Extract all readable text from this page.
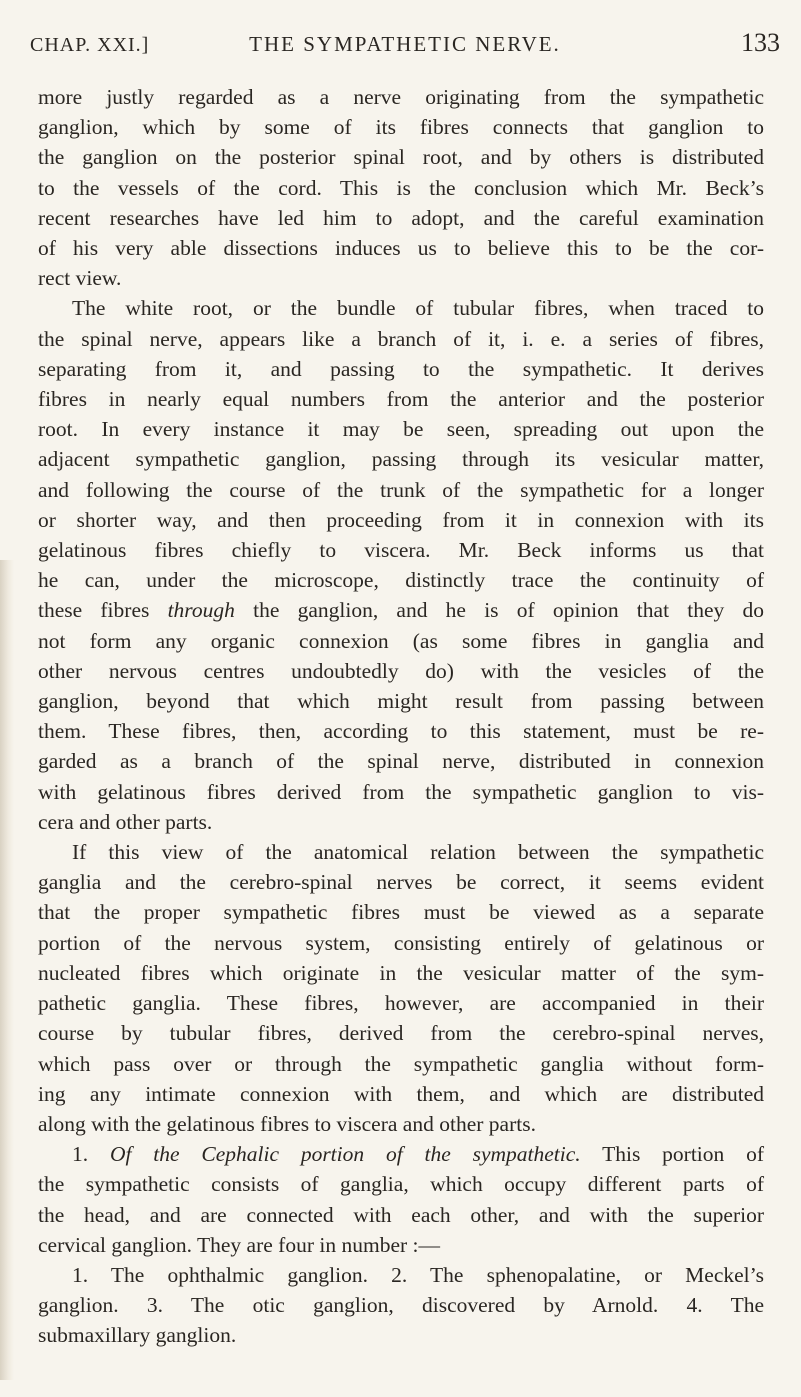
CHAP. XXI.]	THE SYMPATHETIC NERVE.	133

more justly regarded as a nerve originating from the sympathetic
ganglion, which by some of its fibres connects that ganglion to
the ganglion on the posterior spinal root, and by others is distributed
to the vessels of the cord. This is the conclusion which Mr. Beck’s
recent researches have led him to adopt, and the careful examination
of his very able dissections induces us to believe this to be the cor-
rect view.

The white root, or the bundle of tubular fibres, when traced to
the spinal nerve, appears like a branch of it, i. e. a series of fibres,
separating from it, and passing to the sympathetic. It derives
fibres in nearly equal numbers from the anterior and the posterior
root. In every instance it may be seen, spreading out upon the
adjacent sympathetic ganglion, passing through its vesicular matter,
and following the course of the trunk of the sympathetic for a longer
or shorter way, and then proceeding from it in connexion with its
gelatinous fibres chiefly to viscera. Mr. Beck informs us that
he can, under the microscope, distinctly trace the continuity of
these fibres through the ganglion, and he is of opinion that they do
not form any organic connexion (as some fibres in ganglia and
other nervous centres undoubtedly do) with the vesicles of the
ganglion, beyond that which might result from passing between
them. These fibres, then, according to this statement, must be re-
garded as a branch of the spinal nerve, distributed in connexion
with gelatinous fibres derived from the sympathetic ganglion to vis-
cera and other parts.

If this view of the anatomical relation between the sympathetic
ganglia and the cerebro-spinal nerves be correct, it seems evident
that the proper sympathetic fibres must be viewed as a separate
portion of the nervous system, consisting entirely of gelatinous or
nucleated fibres which originate in the vesicular matter of the sym-
pathetic ganglia. These fibres, however, are accompanied in their
course by tubular fibres, derived from the cerebro-spinal nerves,
which pass over or through the sympathetic ganglia without form-
ing any intimate connexion with them, and which are distributed
along with the gelatinous fibres to viscera and other parts.

1. Of the Cephalic portion of the sympathetic. This portion of
the sympathetic consists of ganglia, which occupy different parts of
the head, and are connected with each other, and with the superior
cervical ganglion. They are four in number :—

1. The ophthalmic ganglion. 2. The sphenopalatine, or Meckel’s
ganglion. 3. The otic ganglion, discovered by Arnold. 4. The
submaxillary ganglion.
